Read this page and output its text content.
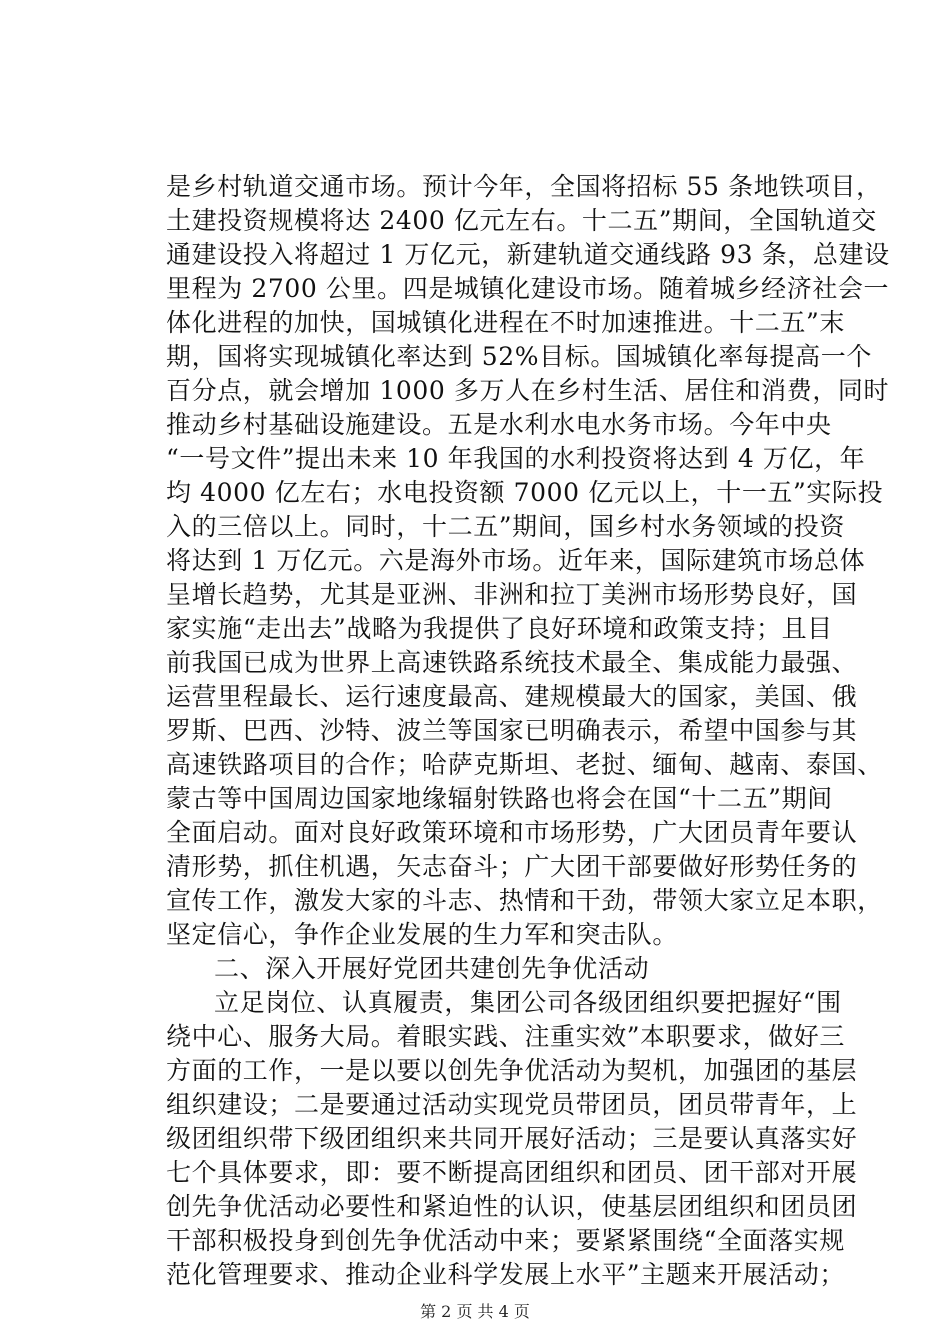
是乡村轨道交通市场。预计今年，全国将招标 55 条地铁项目，
土建投资规模将达 2400 亿元左右。十二五”期间，全国轨道交
通建设投入将超过 1 万亿元，新建轨道交通线路 93 条，总建设
里程为 2700 公里。四是城镇化建设市场。随着城乡经济社会一
体化进程的加快，国城镇化进程在不时加速推进。十二五”末
期，国将实现城镇化率达到 52%目标。国城镇化率每提高一个
百分点，就会增加 1000 多万人在乡村生活、居住和消费，同时
推动乡村基础设施建设。五是水利水电水务市场。今年中央
“一号文件”提出未来 10 年我国的水利投资将达到 4 万亿，年
均 4000 亿左右；水电投资额 7000 亿元以上，十一五”实际投
入的三倍以上。同时，十二五”期间，国乡村水务领域的投资
将达到 1 万亿元。六是海外市场。近年来，国际建筑市场总体
呈增长趋势，尤其是亚洲、非洲和拉丁美洲市场形势良好，国
家实施“走出去”战略为我提供了良好环境和政策支持；且目
前我国已成为世界上高速铁路系统技术最全、集成能力最强、
运营里程最长、运行速度最高、建规模最大的国家，美国、俄
罗斯、巴西、沙特、波兰等国家已明确表示，希望中国参与其
高速铁路项目的合作；哈萨克斯坦、老挝、缅甸、越南、泰国、
蒙古等中国周边国家地缘辐射铁路也将会在国“十二五”期间
全面启动。面对良好政策环境和市场形势，广大团员青年要认
清形势，抓住机遇，矢志奋斗；广大团干部要做好形势任务的
宣传工作，激发大家的斗志、热情和干劲，带领大家立足本职，
坚定信心，争作企业发展的生力军和突击队。
二、深入开展好党团共建创先争优活动
立足岗位、认真履责，集团公司各级团组织要把握好“围
绕中心、服务大局。着眼实践、注重实效”本职要求，做好三
方面的工作，一是以要以创先争优活动为契机，加强团的基层
组织建设；二是要通过活动实现党员带团员，团员带青年，上
级团组织带下级团组织来共同开展好活动；三是要认真落实好
七个具体要求，即：要不断提高团组织和团员、团干部对开展
创先争优活动必要性和紧迫性的认识，使基层团组织和团员团
干部积极投身到创先争优活动中来；要紧紧围绕“全面落实规
范化管理要求、推动企业科学发展上水平”主题来开展活动；
第 2 页 共 4 页
